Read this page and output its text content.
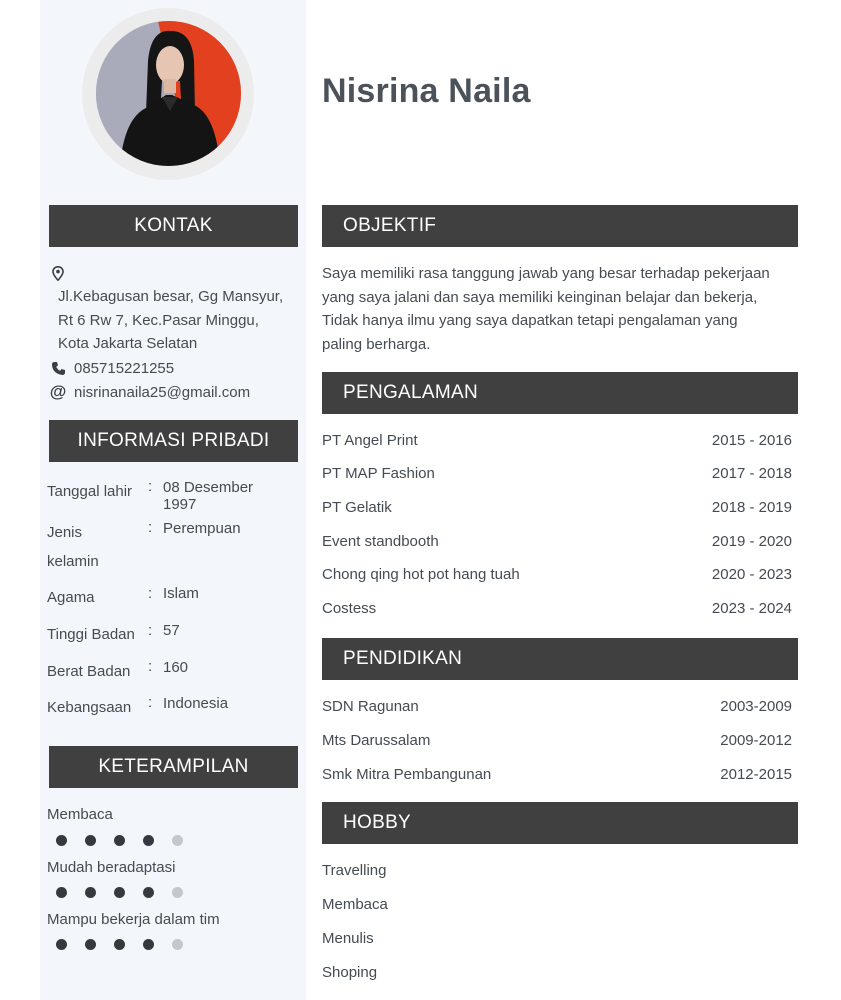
Nisrina Naila
KONTAK
Jl.Kebagusan besar, Gg Mansyur,
Rt 6 Rw 7, Kec.Pasar Minggu,
Kota Jakarta Selatan
085715221255
@ nisrinanaila25@gmail.com
INFORMASI PRIBADI
Tanggal lahir : 08 Desember
1997
Jenis
kelamin
: Perempuan
Agama	: Islam
Tinggi Badan : 57
Berat Badan : 160
Kebangsaan : Indonesia
KETERAMPILAN
Membaca
Mudah beradaptasi
Mampu bekerja dalam tim
OBJEKTIF
Saya memiliki rasa tanggung jawab yang besar terhadap pekerjaan
yang saya jalani dan saya memiliki keinginan belajar dan bekerja,
Tidak hanya ilmu yang saya dapatkan tetapi pengalaman yang
paling berharga.
PENGALAMAN
PT Angel Print	2015 - 2016
PT MAP Fashion	2017 - 2018
PT Gelatik	2018 - 2019
Event standbooth	2019 - 2020
Chong qing hot pot hang tuah	2020 - 2023
Costess	2023 - 2024
PENDIDIKAN
SDN Ragunan	2003-2009
Mts Darussalam	2009-2012
Smk Mitra Pembangunan	2012-2015
HOBBY
Travelling
Membaca
Menulis
Shoping
